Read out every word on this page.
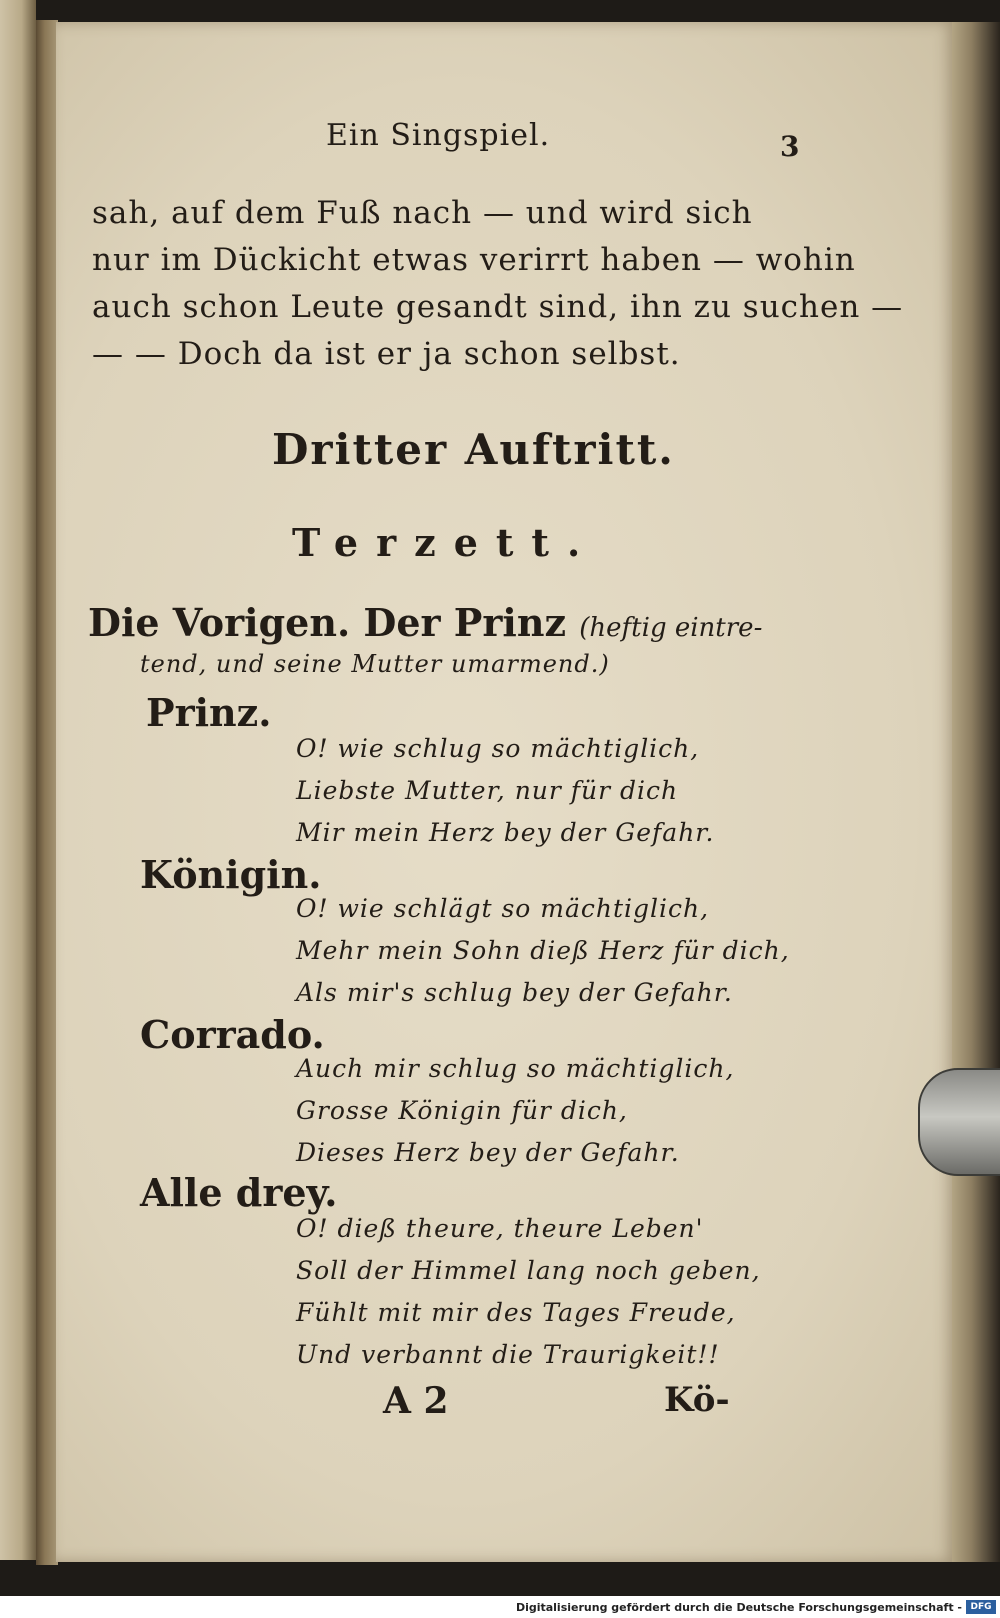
Ein Singspiel.	3
sah, auf dem Fuß nach — und wird sich
nur im Dückicht etwas verirrt haben — wohin
auch schon Leute gesandt sind, ihn zu suchen —
— — Doch da ist er ja schon selbst.
Dritter Auftritt.
Terzett.
Die Vorigen. Der Prinz (heftig eintre-
tend, und seine Mutter umarmend.)
Prinz.
O! wie schlug so mächtiglich,
Liebste Mutter, nur für dich
Mir mein Herz bey der Gefahr.
Königin.
O! wie schlägt so mächtiglich,
Mehr mein Sohn dieß Herz für dich,
Als mir's schlug bey der Gefahr.
Corrado.
Auch mir schlug so mächtiglich,
Grosse Königin für dich,
Dieses Herz bey der Gefahr.
Alle drey.
O! dieß theure, theure Leben'
Soll der Himmel lang noch geben,
Fühlt mit mir des Tages Freude,
Und verbannt die Traurigkeit!!
A 2	Kö-
Digitalisierung gefördert durch die Deutsche Forschungsgemeinschaft - DFG
